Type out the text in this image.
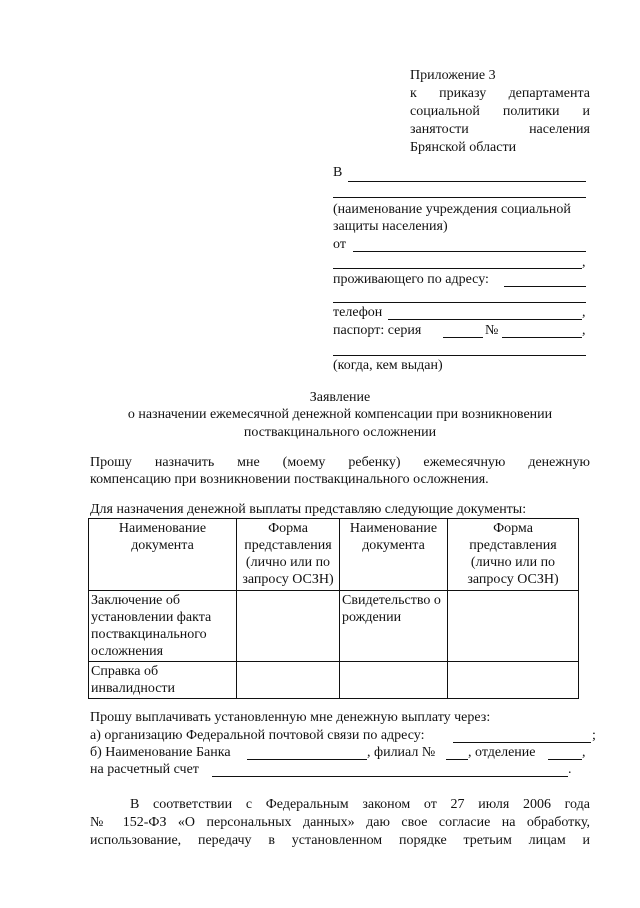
Приложение 3
к приказу департамента
социальной политики и
занятости	населения
Брянской области
В
(наименование учреждения социальной
защиты населения)
от
,
проживающего по адресу:
телефон	,
паспорт: серия	№	,
(когда, кем выдан)
Заявление
о назначении ежемесячной денежной компенсации при возникновении
поствакцинального осложнении
Прошу назначить мне (моему ребенку) ежемесячную денежную
компенсацию при возникновении поствакцинального осложнения.
Для назначения денежной выплаты представляю следующие документы:
Наименование документа	Форма представления (лично или по запросу ОСЗН)	Наименование документа	Форма представления (лично или по запросу ОСЗН)
Заключение об установлении факта поствакцинального осложнения		Свидетельство о рождении	
Справка об инвалидности			
Прошу выплачивать установленную мне денежную выплату через:
а) организацию Федеральной почтовой связи по адресу:	;
б) Наименование Банка	, филиал № , отделение	,
на расчетный счет	.
В соответствии с Федеральным законом от 27 июля 2006 года
№ 152-ФЗ «О персональных данных» даю свое согласие на обработку,
использование, передачу в установленном порядке третьим лицам и
